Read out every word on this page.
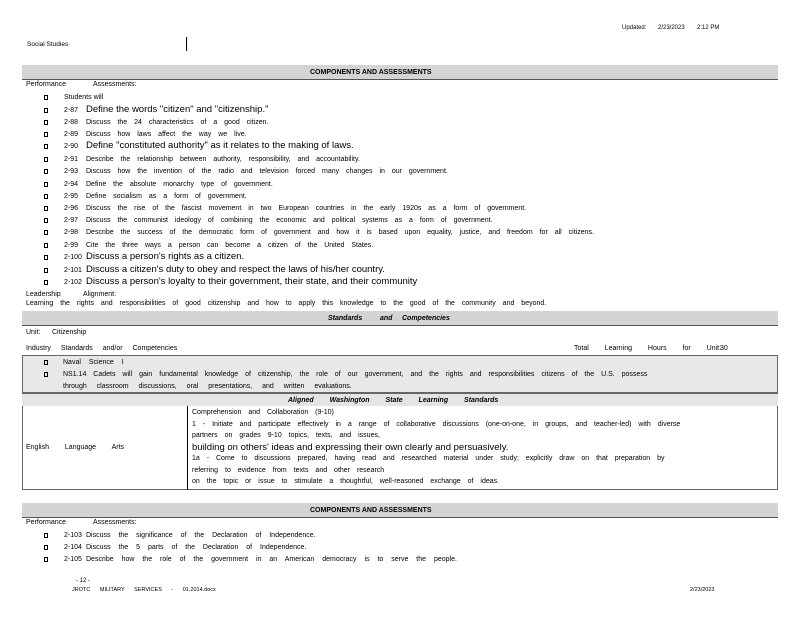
Updated: 2/23/2023 2:12 PM
Social Studies
COMPONENTS AND ASSESSMENTS
Performance	Assessments:
Students will
2-87 Define the words "citizen" and "citizenship."
2-88 Discuss the 24 characteristics of a good citizen.
2-89 Discuss how laws affect the way we live.
2-90 Define "constituted authority" as it relates to the making of laws.
2-91 Describe the relationship between authority, responsibility, and accountability.
2-93 Discuss how the invention of the radio and television forced many changes in our government.
2-94 Define the absolute monarchy type of government.
2-95 Define socialism as a form of government.
2-96 Discuss the rise of the fascist movement in two European countries in the early 1920s as a form of government.
2-97 Discuss the communist ideology of combining the economic and political systems as a form of government.
2-98 Describe the success of the democratic form of government and how it is based upon equality, justice, and freedom for all citizens.
2-99 Cite the three ways a person can become a citizen of the United States.
2-100 Discuss a person's rights as a citizen.
2-101 Discuss a citizen's duty to obey and respect the laws of his/her country.
2-102 Discuss a person's loyalty to their government, their state, and their community
Leadership	Alignment:
Learning the rights and responsibilities of good citizenship and how to apply this knowledge to the good of the community and beyond.
Standards	and Competencies
Unit: Citizenship
Industry Standards and/or Competencies	Total Learning Hours for Unit:
30
Naval Science I
NS1.14 Cadets will gain fundamental knowledge of citizenship, the role of our government, and the rights and responsibilities citizens of the U.S. possess
through classroom discussions, oral presentations, and written evaluations.
Aligned Washington State Learning Standards
English Language Arts
Comprehension and Collaboration (9-10)
1 - Initiate and participate effectively in a range of collaborative discussions (one-on-one, in groups, and teacher-led) with diverse
partners on grades 9-10 topics, texts, and issues,
building on others' ideas and expressing their own clearly and persuasively.
1a - Come to discussions prepared, having read and researched material under study; explicitly draw on that preparation by
referring to evidence from texts and other research
on the topic or issue to stimulate a thoughtful, well-reasoned exchange of ideas.
COMPONENTS AND ASSESSMENTS
Performance	Assessments:
2-103 Discuss the significance of the Declaration of Independence.
2-104 Discuss the 5 parts of the Declaration of Independence.
2-105 Describe how the role of the government in an American democracy is to serve the people.
- 12 -
JROTC MILITARY SERVICES - 01.2014.docx	2/23/2023
